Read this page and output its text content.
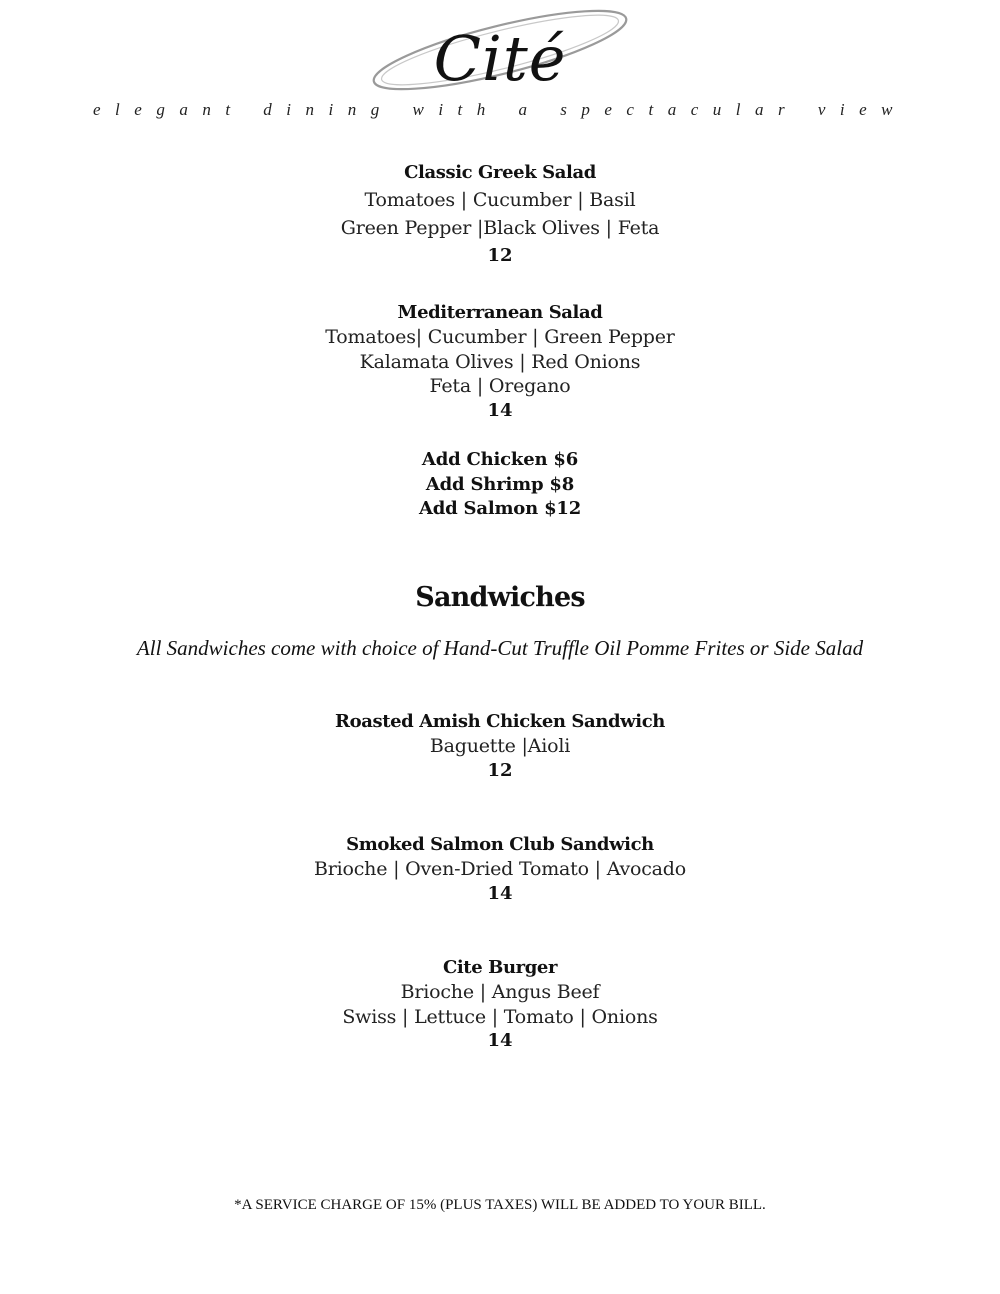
Cité
elegant dining with a spectacular view
Classic Greek Salad
Tomatoes | Cucumber | Basil
Green Pepper |Black Olives | Feta
12
Mediterranean Salad
Tomatoes| Cucumber | Green Pepper
Kalamata Olives | Red Onions
Feta | Oregano
14
Add Chicken $6
Add Shrimp $8
Add Salmon $12
Sandwiches
All Sandwiches come with choice of Hand-Cut Truffle Oil Pomme Frites or Side Salad
Roasted Amish Chicken Sandwich
Baguette |Aioli
12
Smoked Salmon Club Sandwich
Brioche | Oven-Dried Tomato | Avocado
14
Cite Burger
Brioche | Angus Beef
Swiss | Lettuce | Tomato | Onions
14
*A SERVICE CHARGE OF 15% (PLUS TAXES) WILL BE ADDED TO YOUR BILL.
